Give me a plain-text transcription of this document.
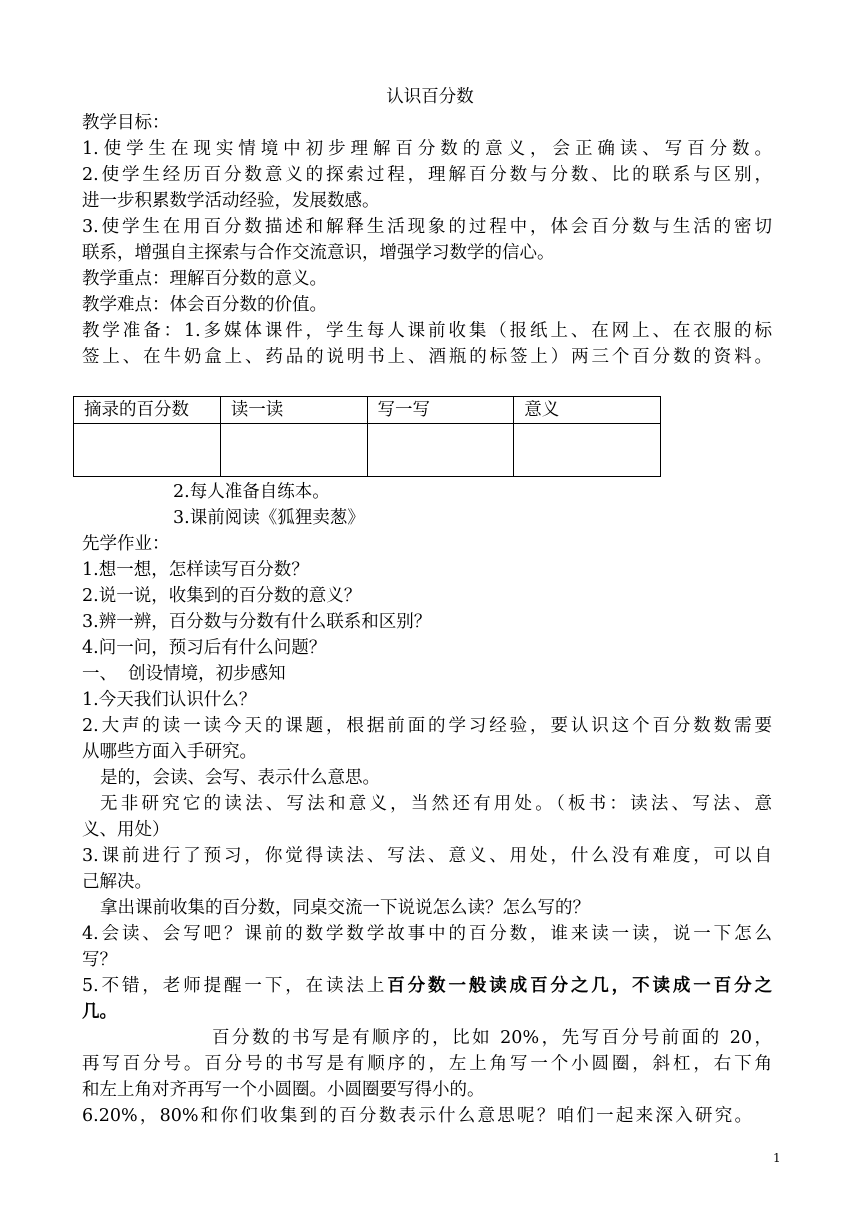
认识百分数
教学目标：
1.使学生在现实情境中初步理解百分数的意义，会正确读、写百分数。
2.使学生经历百分数意义的探索过程，理解百分数与分数、比的联系与区别，
进一步积累数学活动经验，发展数感。
3.使学生在用百分数描述和解释生活现象的过程中，体会百分数与生活的密切
联系，增强自主探索与合作交流意识，增强学习数学的信心。
教学重点：理解百分数的意义。
教学难点：体会百分数的价值。
教学准备：1.多媒体课件，学生每人课前收集（报纸上、在网上、在衣服的标
签上、在牛奶盒上、药品的说明书上、酒瓶的标签上）两三个百分数的资料。
摘录的百分数	读一读	写一写	意义

2.每人准备自练本。
3.课前阅读《狐狸卖葱》
先学作业：
1.想一想，怎样读写百分数？
2.说一说，收集到的百分数的意义？
3.辨一辨，百分数与分数有什么联系和区别？
4.问一问，预习后有什么问题？
一、  创设情境，初步感知
1.今天我们认识什么？
2.大声的读一读今天的课题，根据前面的学习经验，要认识这个百分数数需要
从哪些方面入手研究。
是的，会读、会写、表示什么意思。
无非研究它的读法、写法和意义，当然还有用处。（板书：读法、写法、意
义、用处）
3.课前进行了预习，你觉得读法、写法、意义、用处，什么没有难度，可以自
己解决。
拿出课前收集的百分数，同桌交流一下说说怎么读？怎么写的？
4.会读、会写吧？课前的数学数学故事中的百分数，谁来读一读，说一下怎么
写？
5.不错，老师提醒一下，在读法上百分数一般读成百分之几，不读成一百分之
几。
百分数的书写是有顺序的，比如 20%，先写百分号前面的 20，
再写百分号。百分号的书写是有顺序的，左上角写一个小圆圈，斜杠，右下角
和左上角对齐再写一个小圆圈。小圆圈要写得小的。
6.20%，80%和你们收集到的百分数表示什么意思呢？咱们一起来深入研究。
1
